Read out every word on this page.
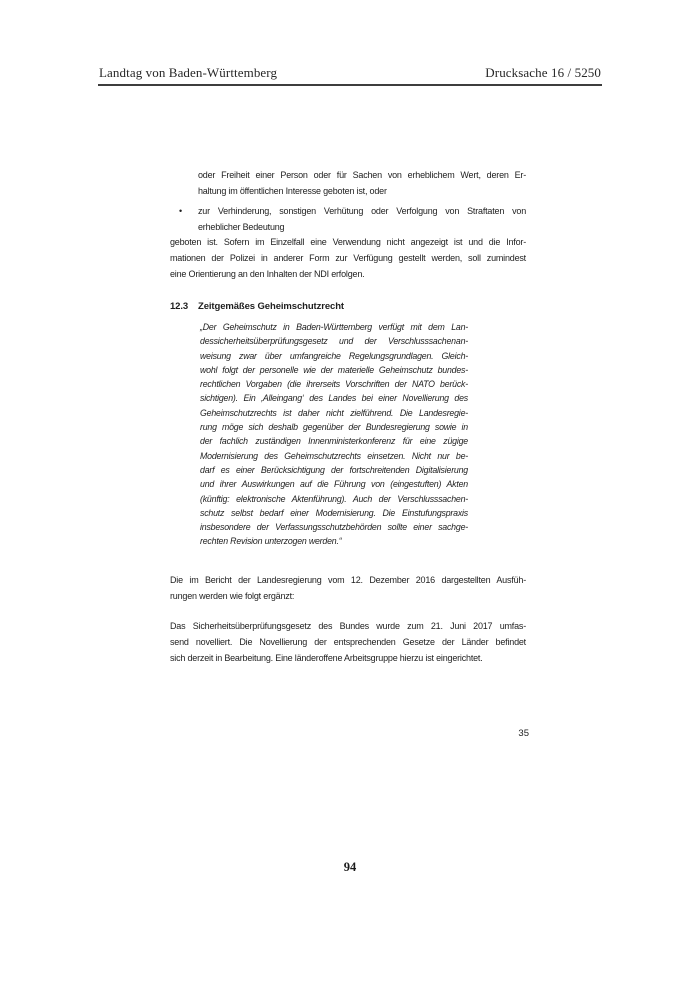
Landtag von Baden-Württemberg	Drucksache 16 / 5250
oder Freiheit einer Person oder für Sachen von erheblichem Wert, deren Er-
haltung im öffentlichen Interesse geboten ist, oder
• zur Verhinderung, sonstigen Verhütung oder Verfolgung von Straftaten von
erheblicher Bedeutung
geboten ist. Sofern im Einzelfall eine Verwendung nicht angezeigt ist und die Infor-
mationen der Polizei in anderer Form zur Verfügung gestellt werden, soll zumindest
eine Orientierung an den Inhalten der NDI erfolgen.
12.3 Zeitgemäßes Geheimschutzrecht
„Der Geheimschutz in Baden-Württemberg verfügt mit dem Lan-
dessicherheitsüberprüfungsgesetz und der Verschlusssachenan-
weisung zwar über umfangreiche Regelungsgrundlagen. Gleich-
wohl folgt der personelle wie der materielle Geheimschutz bundes-
rechtlichen Vorgaben (die ihrerseits Vorschriften der NATO berück-
sichtigen). Ein ‚Alleingang‘ des Landes bei einer Novellierung des
Geheimschutzrechts ist daher nicht zielführend. Die Landesregie-
rung möge sich deshalb gegenüber der Bundesregierung sowie in
der fachlich zuständigen Innenministerkonferenz für eine zügige
Modernisierung des Geheimschutzrechts einsetzen. Nicht nur be-
darf es einer Berücksichtigung der fortschreitenden Digitalisierung
und ihrer Auswirkungen auf die Führung von (eingestuften) Akten
(künftig: elektronische Aktenführung). Auch der Verschlusssachen-
schutz selbst bedarf einer Modernisierung. Die Einstufungspraxis
insbesondere der Verfassungsschutzbehörden sollte einer sachge-
rechten Revision unterzogen werden.“
Die im Bericht der Landesregierung vom 12. Dezember 2016 dargestellten Ausfüh-
rungen werden wie folgt ergänzt:
Das Sicherheitsüberprüfungsgesetz des Bundes wurde zum 21. Juni 2017 umfas-
send novelliert. Die Novellierung der entsprechenden Gesetze der Länder befindet
sich derzeit in Bearbeitung. Eine länderoffene Arbeitsgruppe hierzu ist eingerichtet.
35
94
